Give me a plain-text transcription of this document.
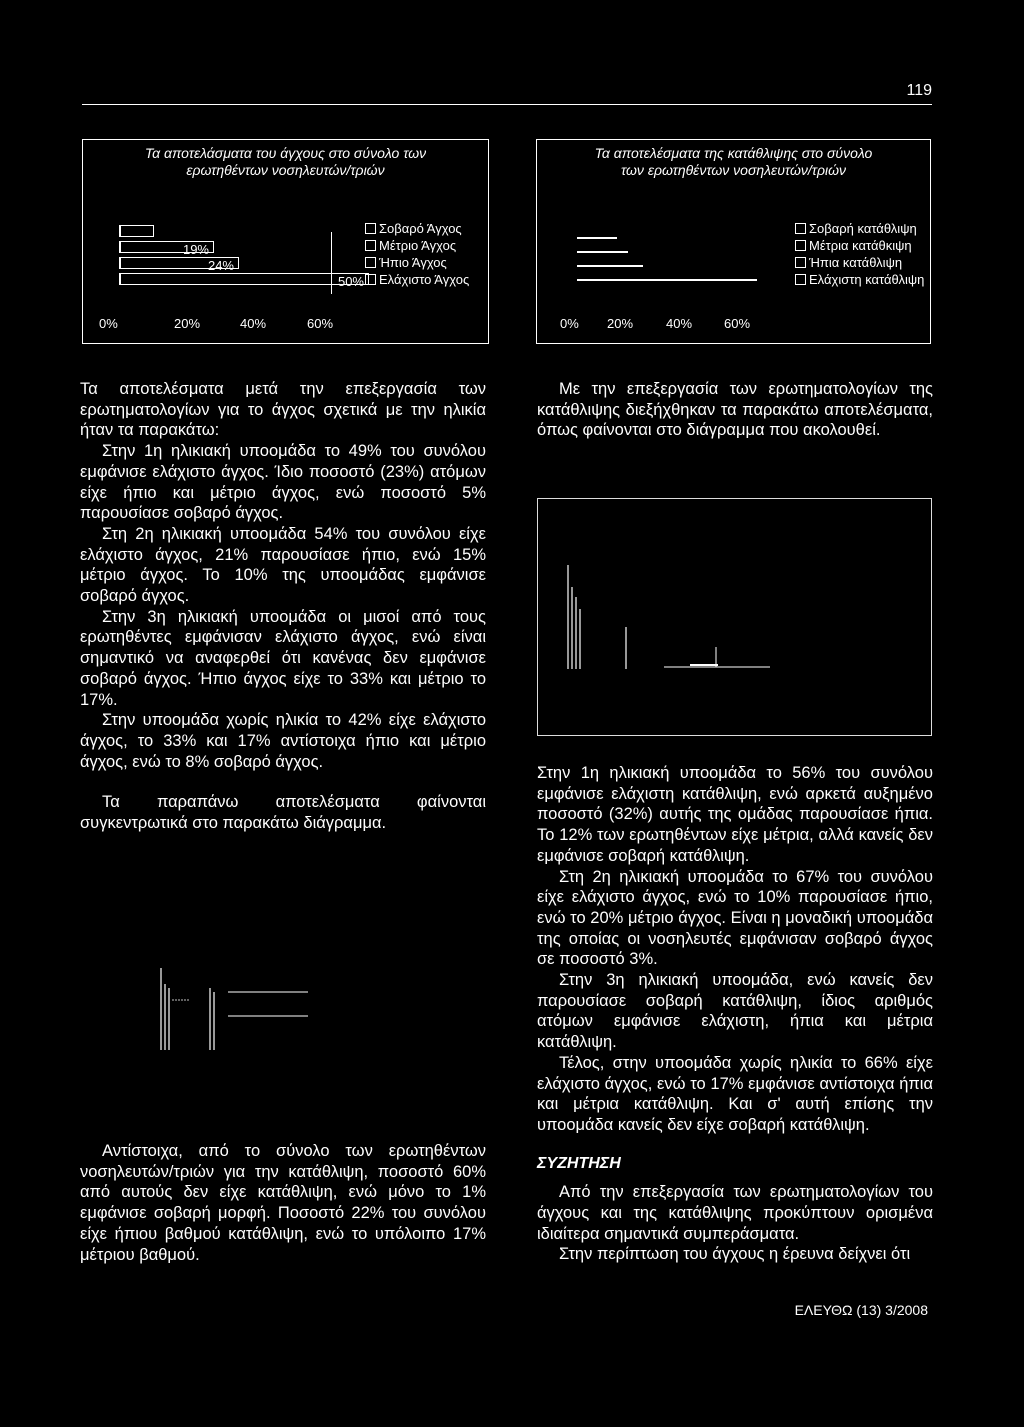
119
Τα αποτελάσματα του άγχους στο σύνολο των
ερωτηθέντων νοσηλευτών/τριών
19%
24%
50%
Σοβαρό Άγχος
Μέτριο Άγχος
Ήπιο Άγχος
Ελάχιστο Άγχος
0%	20%	40%	60%
Τα αποτελέσματα της κατάθλιψης στο σύνολο
των ερωτηθέντων νοσηλευτών/τριών
Σοβαρή κατάθλιψη
Μέτρια κατάθκιψη
Ήπια κατάθλιψη
Ελάχιστη κατάθλιψη
0% 20%	40% 60%

Τα αποτελέσματα μετά την επεξεργασία των ερωτηματολογίων για το άγχος σχετικά με την ηλικία ήταν τα παρακάτω:

Στην 1η ηλικιακή υποομάδα το 49% του συνόλου εμφάνισε ελάχιστο άγχος. Ίδιο ποσοστό (23%) ατόμων είχε ήπιο και μέτριο άγχος, ενώ ποσοστό 5% παρουσίασε σοβαρό άγχος.

Στη 2η ηλικιακή υποομάδα 54% του συνόλου είχε ελάχιστο άγχος, 21% παρουσίασε ήπιο, ενώ 15% μέτριο άγχος. Το 10% της υποομάδας εμφάνισε σοβαρό άγχος.

Στην 3η ηλικιακή υποομάδα οι μισοί από τους ερωτηθέντες εμφάνισαν ελάχιστο άγχος, ενώ είναι σημαντικό να αναφερθεί ότι κανένας δεν εμφάνισε σοβαρό άγχος. Ήπιο άγχος είχε το 33% και μέτριο το 17%.

Στην υποομάδα χωρίς ηλικία το 42% είχε ελάχιστο άγχος, το 33% και 17% αντίστοιχα ήπιο και μέτριο άγχος, ενώ το 8% σοβαρό άγχος.

Τα παραπάνω αποτελέσματα φαίνονται συγκεντρωτικά στο παρακάτω διάγραμμα.

Αντίστοιχα, από το σύνολο των ερωτηθέντων νοσηλευτών/τριών για την κατάθλιψη, ποσοστό 60% από αυτούς δεν είχε κατάθλιψη, ενώ μόνο το 1% εμφάνισε σοβαρή μορφή. Ποσοστό 22% του συνόλου είχε ήπιου βαθμού κατάθλιψη, ενώ το υπόλοιπο 17% μέτριου βαθμού.

Με την επεξεργασία των ερωτηματολογίων της κατάθλιψης διεξήχθηκαν τα παρακάτω αποτελέσματα, όπως φαίνονται στο διάγραμμα που ακολουθεί.

Στην 1η ηλικιακή υποομάδα το 56% του συνόλου εμφάνισε ελάχιστη κατάθλιψη, ενώ αρκετά αυξημένο ποσοστό (32%) αυτής της ομάδας παρουσίασε ήπια. Το 12% των ερωτηθέντων είχε μέτρια, αλλά κανείς δεν εμφάνισε σοβαρή κατάθλιψη.

Στη 2η ηλικιακή υποομάδα το 67% του συνόλου είχε ελάχιστο άγχος, ενώ το 10% παρουσίασε ήπιο, ενώ το 20% μέτριο άγχος. Είναι η μοναδική υποομάδα της οποίας οι νοσηλευτές εμφάνισαν σοβαρό άγχος σε ποσοστό 3%.

Στην 3η ηλικιακή υποομάδα, ενώ κανείς δεν παρουσίασε σοβαρή κατάθλιψη, ίδιος αριθμός ατόμων εμφάνισε ελάχιστη, ήπια και μέτρια κατάθλιψη.

Τέλος, στην υποομάδα χωρίς ηλικία το 66% είχε ελάχιστο άγχος, ενώ το 17% εμφάνισε αντίστοιχα ήπια και μέτρια κατάθλιψη. Και σ' αυτή επίσης την υποομάδα κανείς δεν είχε σοβαρή κατάθλιψη.

ΣΥΖΗΤΗΣΗ

Από την επεξεργασία των ερωτηματολογίων του άγχους και της κατάθλιψης προκύπτουν ορισμένα ιδιαίτερα σημαντικά συμπεράσματα.

Στην περίπτωση του άγχους η έρευνα δείχνει ότι

ΕΛΕΥΘΩ (13) 3/2008
